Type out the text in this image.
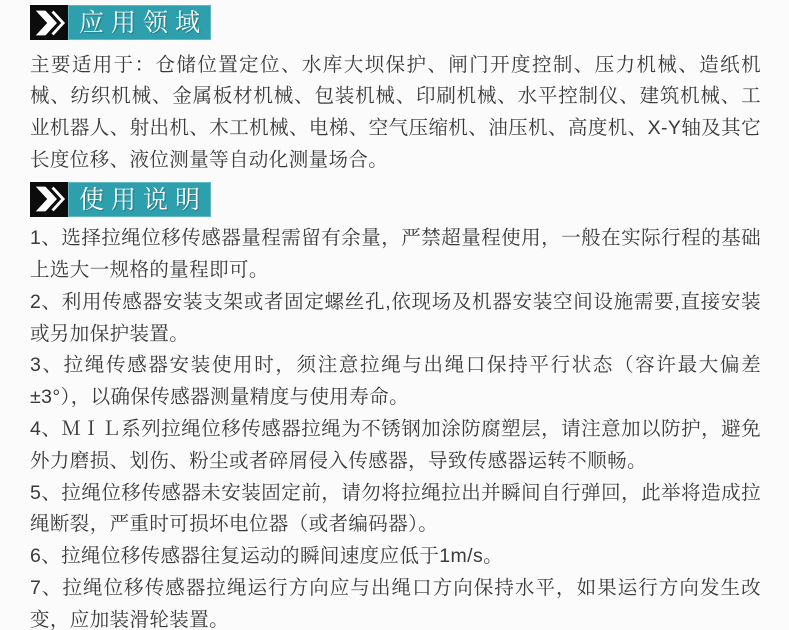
应用领域

主要适用于：仓储位置定位、水库大坝保护、闸门开度控制、压力机械、造纸机械、纺织机械、金属板材机械、包装机械、印刷机械、水平控制仪、建筑机械、工业机器人、射出机、木工机械、电梯、空气压缩机、油压机、高度机、X-Y轴及其它长度位移、液位测量等自动化测量场合。

使用说明

1、选择拉绳位移传感器量程需留有余量，严禁超量程使用，一般在实际行程的基础上选大一规格的量程即可。

2、利用传感器安装支架或者固定螺丝孔,依现场及机器安装空间设施需要,直接安装或另加保护装置。

3、拉绳传感器安装使用时，须注意拉绳与出绳口保持平行状态（容许最大偏差±3°），以确保传感器测量精度与使用寿命。

4、ＭＩＬ系列拉绳位移传感器拉绳为不锈钢加涂防腐塑层，请注意加以防护，避免外力磨损、划伤、粉尘或者碎屑侵入传感器，导致传感器运转不顺畅。

5、拉绳位移传感器未安装固定前，请勿将拉绳拉出并瞬间自行弹回，此举将造成拉绳断裂，严重时可损坏电位器（或者编码器）。

6、拉绳位移传感器往复运动的瞬间速度应低于1m/s。

7、拉绳位移传感器拉绳运行方向应与出绳口方向保持水平，如果运行方向发生改变，应加装滑轮装置。
